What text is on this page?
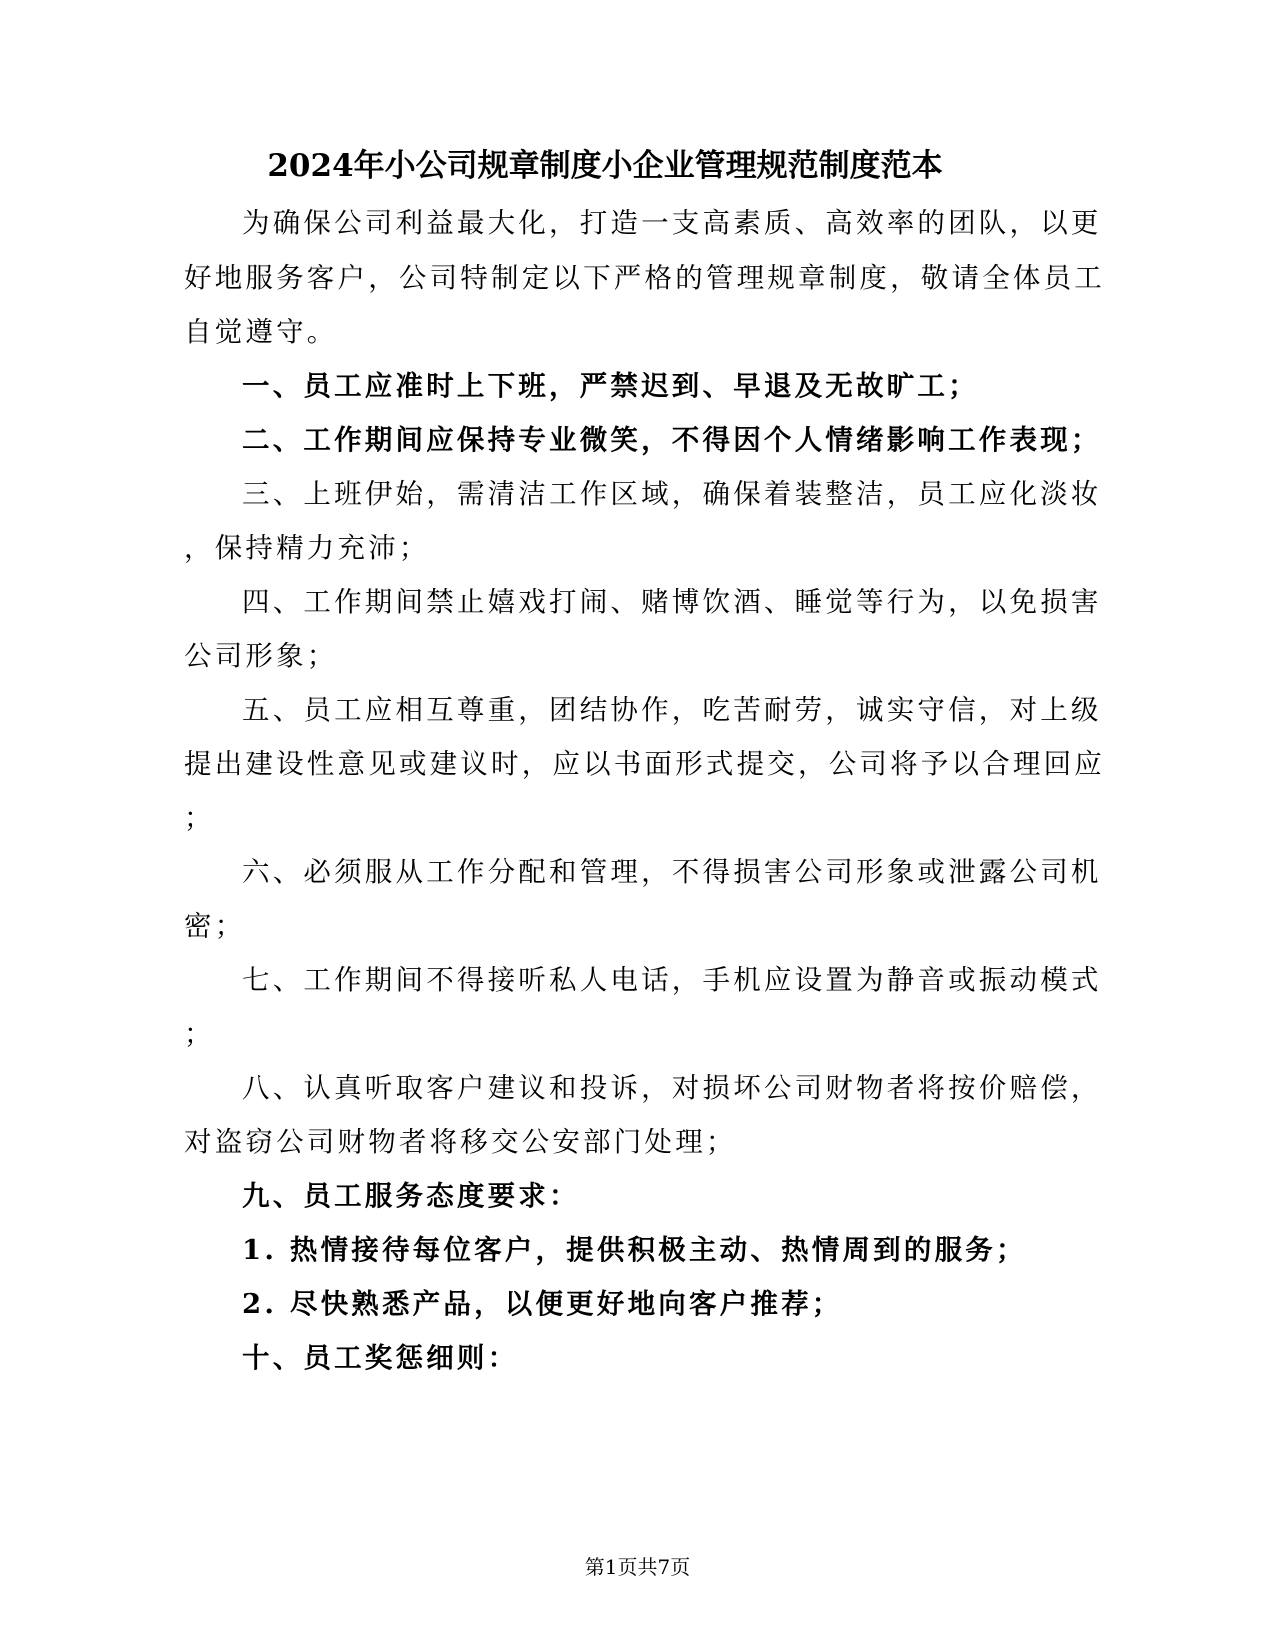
2024年小公司规章制度小企业管理规范制度范本
为确保公司利益最大化，打造一支高素质、高效率的团队，以更
好地服务客户，公司特制定以下严格的管理规章制度，敬请全体员工
自觉遵守。
一、员工应准时上下班，严禁迟到、早退及无故旷工；
二、工作期间应保持专业微笑，不得因个人情绪影响工作表现；
三、上班伊始，需清洁工作区域，确保着装整洁，员工应化淡妆
，保持精力充沛；
四、工作期间禁止嬉戏打闹、赌博饮酒、睡觉等行为，以免损害
公司形象；
五、员工应相互尊重，团结协作，吃苦耐劳，诚实守信，对上级
提出建设性意见或建议时，应以书面形式提交，公司将予以合理回应
；
六、必须服从工作分配和管理，不得损害公司形象或泄露公司机
密；
七、工作期间不得接听私人电话，手机应设置为静音或振动模式
；
八、认真听取客户建议和投诉，对损坏公司财物者将按价赔偿，
对盗窃公司财物者将移交公安部门处理；
九、员工服务态度要求：
1. 热情接待每位客户，提供积极主动、热情周到的服务；
2. 尽快熟悉产品，以便更好地向客户推荐；
十、员工奖惩细则：
第1页共7页
